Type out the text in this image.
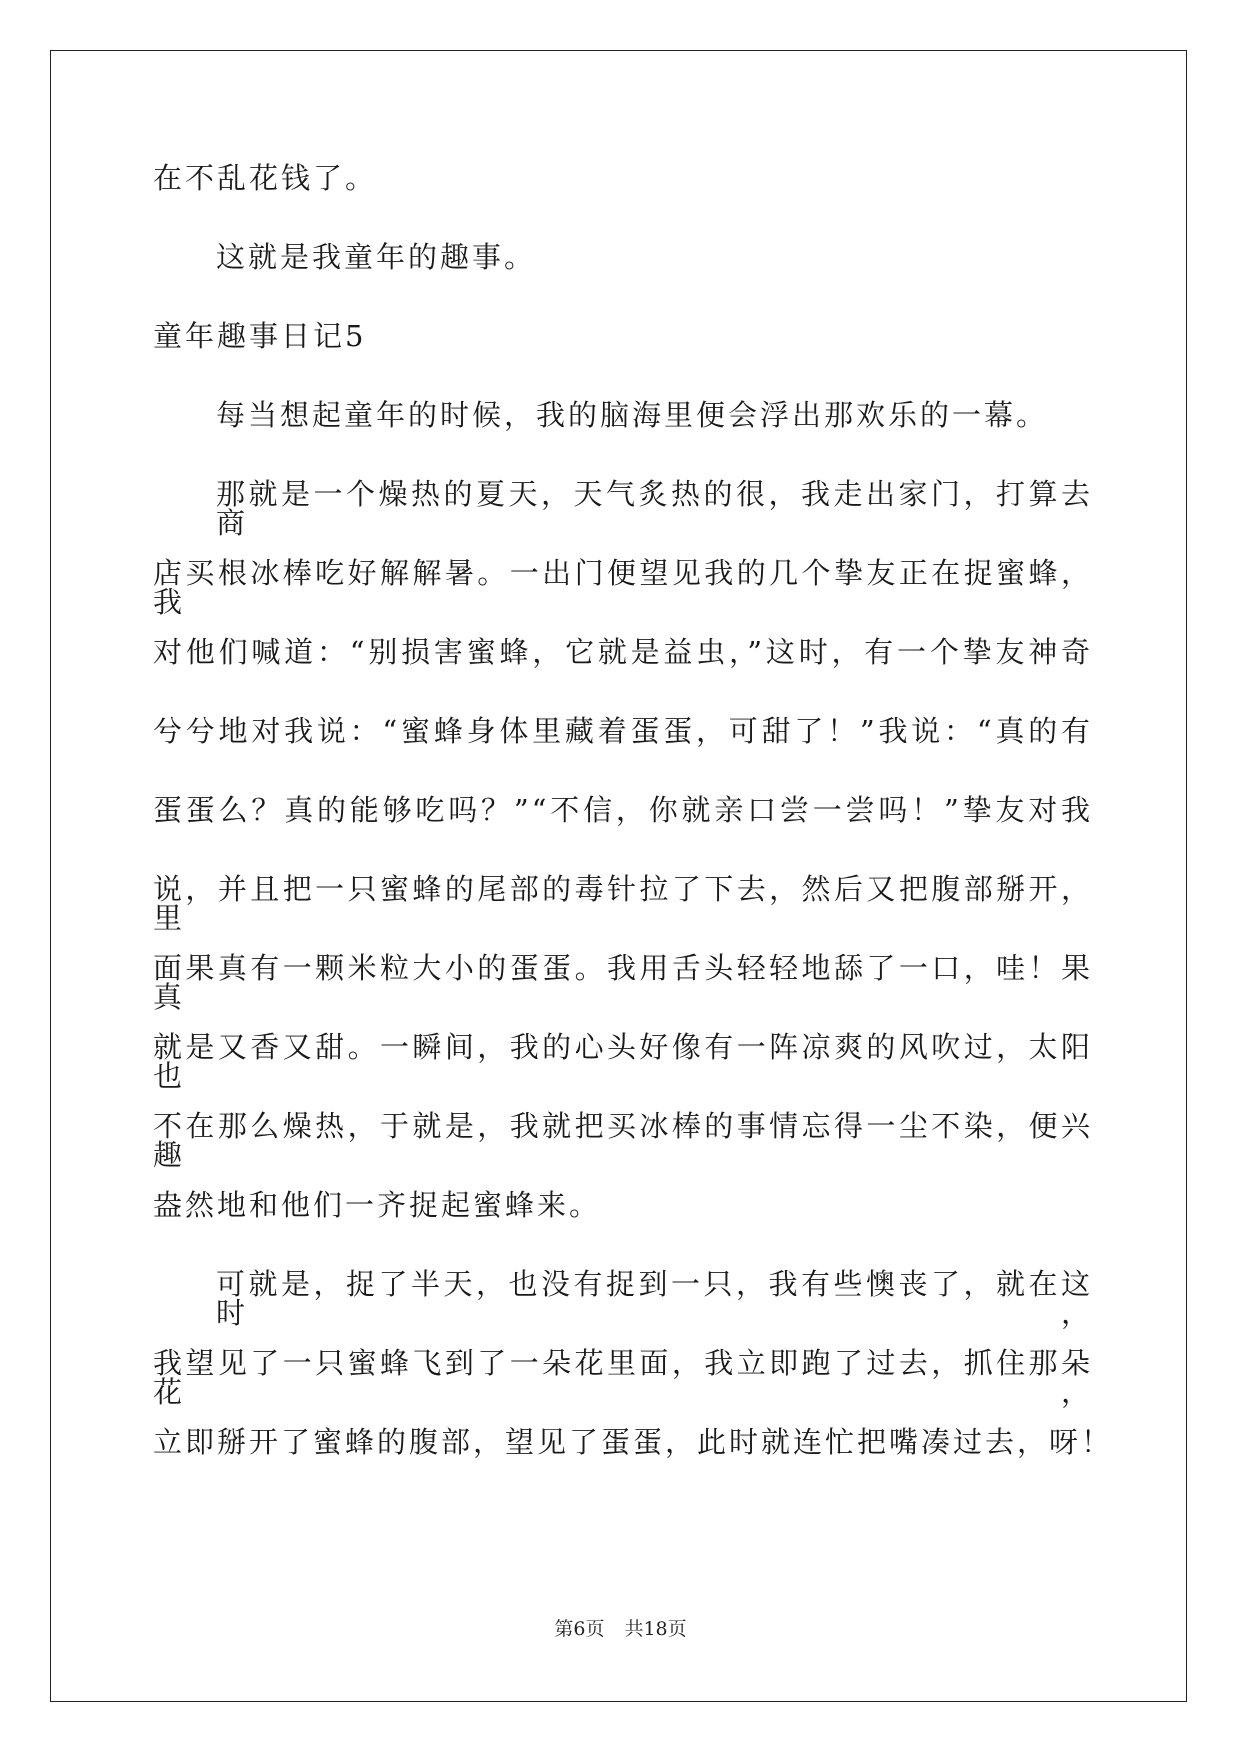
在不乱花钱了。
这就是我童年的趣事。
童年趣事日记5
每当想起童年的时候，我的脑海里便会浮出那欢乐的一幕。
那就是一个燥热的夏天，天气炙热的很，我走出家门，打算去商
店买根冰棒吃好解解暑。一出门便望见我的几个挚友正在捉蜜蜂，我
对他们喊道：“别损害蜜蜂，它就是益虫，”这时，有一个挚友神奇
兮兮地对我说：“蜜蜂身体里藏着蛋蛋，可甜了！”我说：“真的有
蛋蛋么？真的能够吃吗？”“不信，你就亲口尝一尝吗！”挚友对我
说，并且把一只蜜蜂的尾部的毒针拉了下去，然后又把腹部掰开，里
面果真有一颗米粒大小的蛋蛋。我用舌头轻轻地舔了一口，哇！果真
就是又香又甜。一瞬间，我的心头好像有一阵凉爽的风吹过，太阳也
不在那么燥热，于就是，我就把买冰棒的事情忘得一尘不染，便兴趣
盎然地和他们一齐捉起蜜蜂来。
可就是，捉了半天，也没有捉到一只，我有些懊丧了，就在这时，
我望见了一只蜜蜂飞到了一朵花里面，我立即跑了过去，抓住那朵花，
立即掰开了蜜蜂的腹部，望见了蛋蛋，此时就连忙把嘴凑过去，呀！
第6页 共18页
